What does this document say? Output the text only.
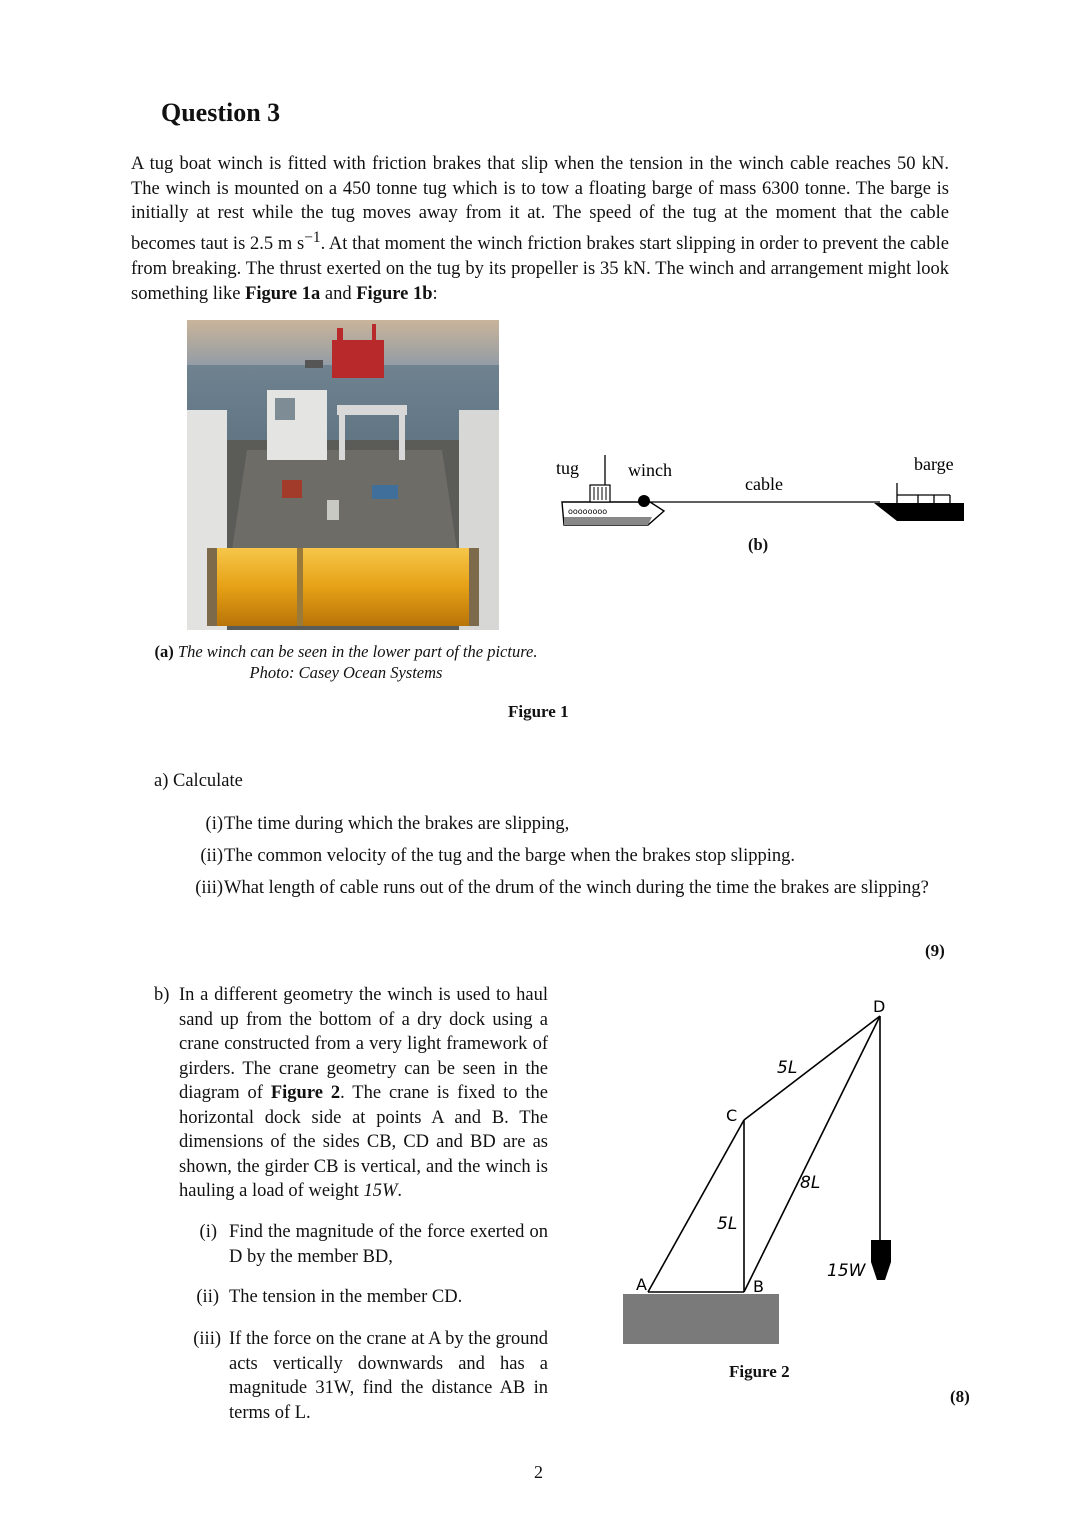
Question 3
A tug boat winch is fitted with friction brakes that slip when the tension in the winch cable reaches 50 kN. The winch is mounted on a 450 tonne tug which is to tow a floating barge of mass 6300 tonne. The barge is initially at rest while the tug moves away from it at. The speed of the tug at the moment that the cable becomes taut is 2.5 m $s^{-1}$. At that moment the winch friction brakes start slipping in order to prevent the cable from breaking. The thrust exerted on the tug by its propeller is 35 kN. The winch and arrangement might look something like Figure 1a and Figure 1b:
(a) The winch can be seen in the lower part of the picture.
Photo: Casey Ocean Systems
tug	winch
cable
barge
oooooooo
(b)
Figure 1
a) Calculate
(i) The time during which the brakes are slipping,
(ii) The common velocity of the tug and the barge when the brakes stop slipping.
(iii) What length of cable runs out of the drum of the winch during the time the brakes are slipping?
(9)
b) In a different geometry the winch is used to haul sand up from the bottom of a dry dock using a crane constructed from a very light framework of girders. The crane geometry can be seen in the diagram of Figure 2. The crane is fixed to the horizontal dock side at points A and B. The dimensions of the sides CB, CD and BD are as shown, the girder CB is vertical, and the winch is hauling a load of weight 15W.
(i) Find the magnitude of the force exerted on D by the member BD,
(ii) The tension in the member CD.
(iii) If the force on the crane at A by the ground acts vertically downwards and has a magnitude 31W, find the distance AB in terms of L.
A	B
C
D
5L
5L
8L
15W
Figure 2
(8)
2
